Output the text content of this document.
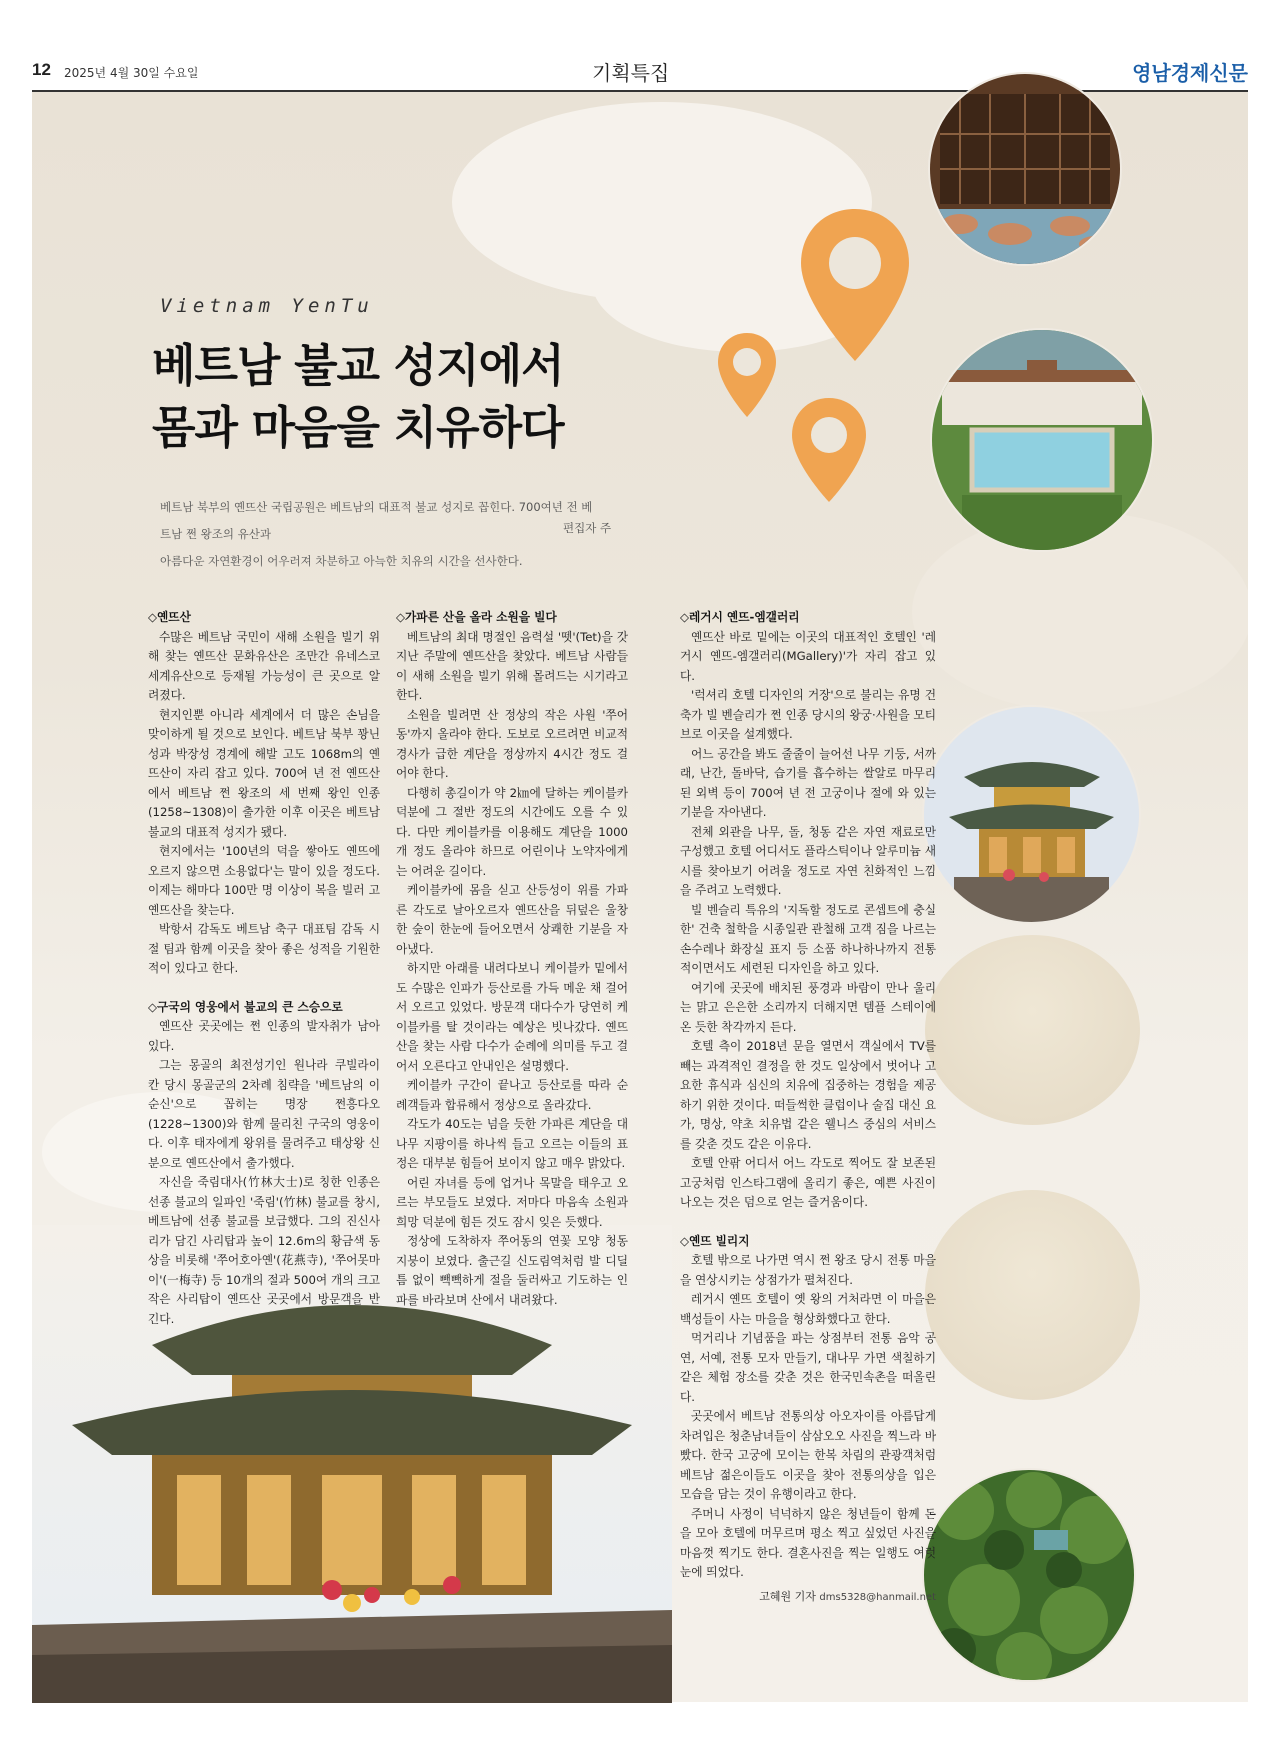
12 2025년 4월 30일 수요일	기획특집	영남경제신문
Vietnam YenTu
베트남 불교 성지에서
몸과 마음을 치유하다
베트남 북부의 옌뜨산 국립공원은 베트남의 대표적 불교 성지로 꼽힌다. 700여년 전 베트남 쩐 왕조의 유산과
아름다운 자연환경이 어우러져 차분하고 아늑한 치유의 시간을 선사한다.
편집자 주
◇옌뜨산

수많은 베트남 국민이 새해 소원을 빌기 위해 찾는 옌뜨산 문화유산은 조만간 유네스코 세계유산으로 등재될 가능성이 큰 곳으로 알려졌다.

현지인뿐 아니라 세계에서 더 많은 손님을 맞이하게 될 것으로 보인다. 베트남 북부 꽝닌성과 박장성 경계에 해발 고도 1068m의 옌뜨산이 자리 잡고 있다. 700여 년 전 옌뜨산에서 베트남 쩐 왕조의 세 번째 왕인 인종(1258~1308)이 출가한 이후 이곳은 베트남 불교의 대표적 성지가 됐다.

현지에서는 '100년의 덕을 쌓아도 옌뜨에 오르지 않으면 소용없다'는 말이 있을 정도다. 이제는 해마다 100만 명 이상이 복을 빌러 고 옌뜨산을 찾는다.

박항서 감독도 베트남 축구 대표팀 감독 시절 팀과 함께 이곳을 찾아 좋은 성적을 기원한 적이 있다고 한다.

◇구국의 영웅에서 불교의 큰 스승으로

옌뜨산 곳곳에는 쩐 인종의 발자취가 남아 있다.

그는 몽골의 최전성기인 원나라 쿠빌라이 칸 당시 몽골군의 2차례 침략을 '베트남의 이순신'으로 꼽히는 명장 쩐흥다오(1228~1300)와 함께 물리친 구국의 영웅이다. 이후 태자에게 왕위를 물려주고 태상왕 신분으로 옌뜨산에서 출가했다.

자신을 죽림대사(竹林大士)로 칭한 인종은 선종 불교의 일파인 '죽림'(竹林) 불교를 창시, 베트남에 선종 불교를 보급했다. 그의 진신사리가 담긴 사리탑과 높이 12.6m의 황금색 동상을 비롯해 '쭈어호아옌'(花燕寺), '쭈어못마이'(一梅寺) 등 10개의 절과 500여 개의 크고 작은 사리탑이 옌뜨산 곳곳에서 방문객을 반긴다.

◇가파른 산을 올라 소원을 빌다

베트남의 최대 명절인 음력설 '뗏'(Tet)을 갓 지난 주말에 옌뜨산을 찾았다. 베트남 사람들이 새해 소원을 빌기 위해 몰려드는 시기라고 한다.

소원을 빌려면 산 정상의 작은 사원 '쭈어동'까지 올라야 한다. 도보로 오르려면 비교적 경사가 급한 계단을 정상까지 4시간 정도 걸어야 한다.

다행히 총길이가 약 2㎞에 달하는 케이블카 덕분에 그 절반 정도의 시간에도 오를 수 있다. 다만 케이블카를 이용해도 계단을 1000개 정도 올라야 하므로 어린이나 노약자에게는 어려운 길이다.

케이블카에 몸을 싣고 산등성이 위를 가파른 각도로 날아오르자 옌뜨산을 뒤덮은 울창한 숲이 한눈에 들어오면서 상쾌한 기분을 자아냈다.

하지만 아래를 내려다보니 케이블카 밑에서도 수많은 인파가 등산로를 가득 메운 채 걸어서 오르고 있었다. 방문객 대다수가 당연히 케이블카를 탈 것이라는 예상은 빗나갔다. 옌뜨산을 찾는 사람 다수가 순례에 의미를 두고 걸어서 오른다고 안내인은 설명했다.

케이블카 구간이 끝나고 등산로를 따라 순례객들과 합류해서 정상으로 올라갔다.

각도가 40도는 넘을 듯한 가파른 계단을 대나무 지팡이를 하나씩 들고 오르는 이들의 표정은 대부분 힘들어 보이지 않고 매우 밝았다.

어린 자녀를 등에 업거나 목말을 태우고 오르는 부모들도 보였다. 저마다 마음속 소원과 희망 덕분에 힘든 것도 잠시 잊은 듯했다.

정상에 도착하자 쭈어동의 연꽃 모양 청동 지붕이 보였다. 출근길 신도림역처럼 발 디딜 틈 없이 빽빽하게 절을 둘러싸고 기도하는 인파를 바라보며 산에서 내려왔다.

◇레거시 옌뜨-엠갤러리

옌뜨산 바로 밑에는 이곳의 대표적인 호텔인 '레거시 옌뜨-엠갤러리(MGallery)'가 자리 잡고 있다.

'럭셔리 호텔 디자인의 거장'으로 불리는 유명 건축가 빌 벤슬리가 쩐 인종 당시의 왕궁·사원을 모티브로 이곳을 설계했다.

어느 공간을 봐도 줄줄이 늘어선 나무 기둥, 서까래, 난간, 돌바닥, 습기를 흡수하는 쌀알로 마무리된 외벽 등이 700여 년 전 고궁이나 절에 와 있는 기분을 자아낸다.

전체 외관을 나무, 돌, 청동 같은 자연 재료로만 구성했고 호텔 어디서도 플라스틱이나 알루미늄 새시를 찾아보기 어려울 정도로 자연 친화적인 느낌을 주려고 노력했다.

빌 벤슬리 특유의 '지독할 정도로 콘셉트에 충실한' 건축 철학을 시종일관 관철해 고객 짐을 나르는 손수레나 화장실 표지 등 소품 하나하나까지 전통적이면서도 세련된 디자인을 하고 있다.

여기에 곳곳에 배치된 풍경과 바람이 만나 울리는 맑고 은은한 소리까지 더해지면 템플 스테이에 온 듯한 착각까지 든다.

호텔 측이 2018년 문을 열면서 객실에서 TV를 빼는 과격적인 결정을 한 것도 일상에서 벗어나 고요한 휴식과 심신의 치유에 집중하는 경험을 제공하기 위한 것이다. 떠들썩한 클럽이나 술집 대신 요가, 명상, 약초 치유법 같은 웰니스 중심의 서비스를 갖춘 것도 같은 이유다.

호텔 안팎 어디서 어느 각도로 찍어도 잘 보존된 고궁처럼 인스타그램에 올리기 좋은, 예쁜 사진이 나오는 것은 덤으로 얻는 즐거움이다.

◇옌뜨 빌리지

호텔 밖으로 나가면 역시 쩐 왕조 당시 전통 마을을 연상시키는 상점가가 펼쳐진다.

레거시 옌뜨 호텔이 옛 왕의 거처라면 이 마을은 백성들이 사는 마을을 형상화했다고 한다.

먹거리나 기념품을 파는 상점부터 전통 음악 공연, 서예, 전통 모자 만들기, 대나무 가면 색칠하기 같은 체험 장소를 갖춘 것은 한국민속촌을 떠올린다.

곳곳에서 베트남 전통의상 아오자이를 아름답게 차려입은 청춘남녀들이 삼삼오오 사진을 찍느라 바빴다. 한국 고궁에 모이는 한복 차림의 관광객처럼 베트남 젊은이들도 이곳을 찾아 전통의상을 입은 모습을 담는 것이 유행이라고 한다.

주머니 사정이 넉넉하지 않은 청년들이 함께 돈을 모아 호텔에 머무르며 평소 찍고 싶었던 사진을 마음껏 찍기도 한다. 결혼사진을 찍는 일행도 여럿 눈에 띄었다.

고혜원 기자 dms5328@hanmail.net
